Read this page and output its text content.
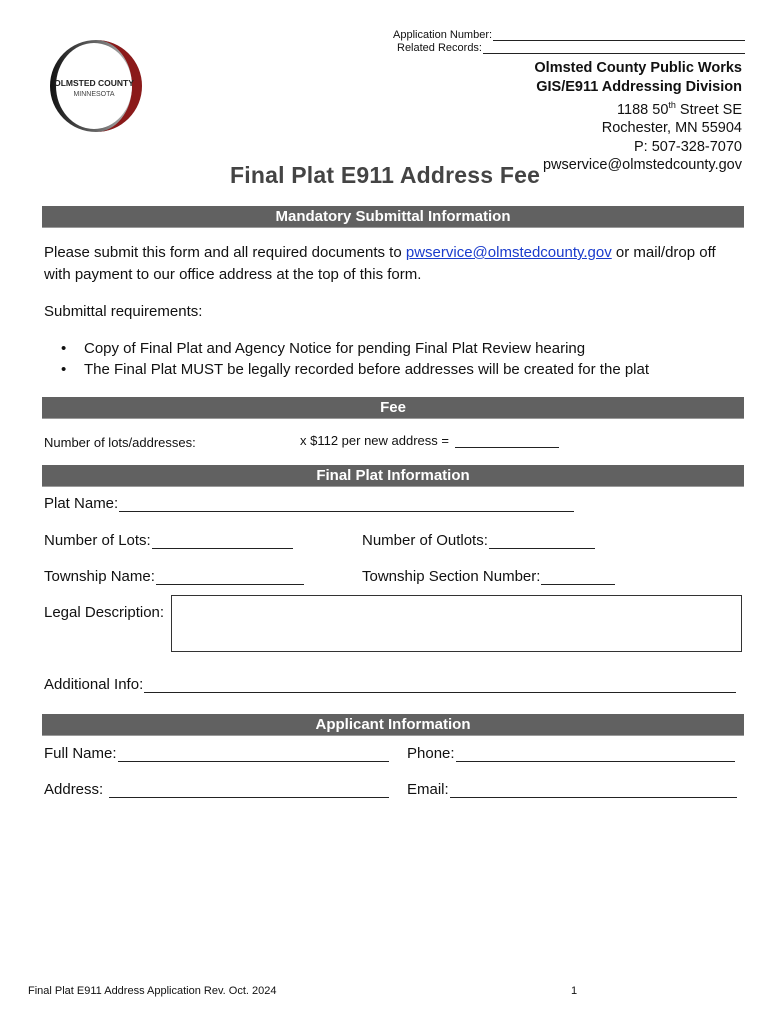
OLMSTED COUNTY
MINNESOTA
Application Number:
Related Records:
Olmsted County Public Works
GIS/E911 Addressing Division
1188 50th Street SE
Rochester, MN 55904
P: 507-328-7070
pwservice@olmstedcounty.gov
Final Plat E911 Address Fee
Mandatory Submittal Information
Please submit this form and all required documents to pwservice@olmstedcounty.gov or mail/drop off
with payment to our office address at the top of this form.
Submittal requirements:
• Copy of Final Plat and Agency Notice for pending Final Plat Review hearing
• The Final Plat MUST be legally recorded before addresses will be created for the plat
Fee
Number of lots/addresses:	x $112 per new address =
Final Plat Information
Plat Name:
Number of Lots:	Number of Outlots:
Township Name:	Township Section Number:
Legal Description:
Additional Info:
Applicant Information
Full Name:	Phone:
Address:	Email:
Final Plat E911 Address Application Rev. Oct. 2024	1
